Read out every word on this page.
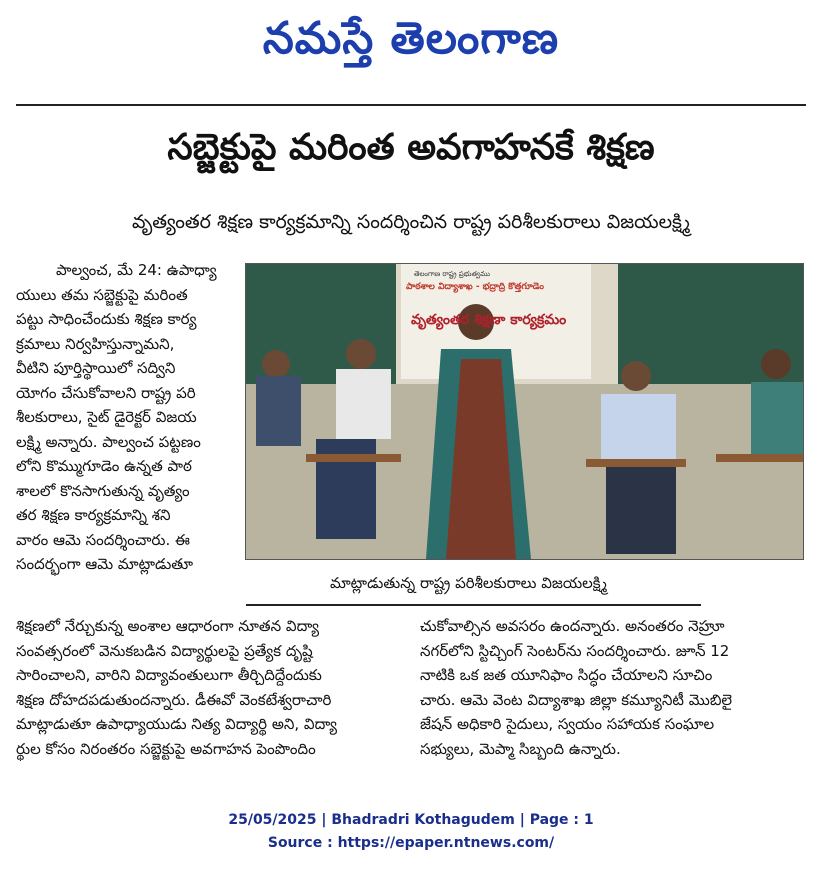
నమస్తే తెలంగాణ
సబ్జెక్టుపై మరింత అవగాహనకే శిక్షణ
వృత్యంతర శిక్షణ కార్యక్రమాన్ని సందర్శించిన రాష్ట్ర పరిశీలకురాలు విజయలక్ష్మి
పాల్వంచ, మే 24: ఉపాధ్యా
యులు తమ సబ్జెక్టుపై మరింత
పట్టు సాధించేందుకు శిక్షణ కార్య
క్రమాలు నిర్వహిస్తున్నామని,
వీటిని పూర్తిస్థాయిలో సద్విని
యోగం చేసుకోవాలని రాష్ట్ర పరి
శీలకురాలు, సైట్ డైరెక్టర్ విజయ
లక్ష్మి అన్నారు. పాల్వంచ పట్టణం
లోని కొమ్ముగూడెం ఉన్నత పాఠ
శాలలో కొనసాగుతున్న వృత్యం
తర శిక్షణ కార్యక్రమాన్ని శని
వారం ఆమె సందర్శించారు. ఈ
సందర్భంగా ఆమె మాట్లాడుతూ
తెలంగాణ రాష్ట్ర ప్రభుత్వము
పాఠశాల విద్యాశాఖ - భద్రాద్రి కొత్తగూడెం
వృత్యంతర శిక్షణా కార్యక్రమం
మాట్లాడుతున్న రాష్ట్ర పరిశీలకురాలు విజయలక్ష్మి
శిక్షణలో నేర్చుకున్న అంశాల ఆధారంగా నూతన విద్యా
సంవత్సరంలో వెనుకబడిన విద్యార్థులపై ప్రత్యేక దృష్టి
సారించాలని, వారిని విద్యావంతులుగా తీర్చిదిద్దేందుకు
శిక్షణ దోహదపడుతుందన్నారు. డీఈవో వెంకటేశ్వరాచారి
మాట్లాడుతూ ఉపాధ్యాయుడు నిత్య విద్యార్థి అని, విద్యా
ర్థుల కోసం నిరంతరం సబ్జెక్టుపై అవగాహన పెంపొందిం
చుకోవాల్సిన అవసరం ఉందన్నారు. అనంతరం నెహ్రూ
నగర్‌లోని స్టిచ్చింగ్ సెంటర్‌ను సందర్శించారు. జూన్ 12
నాటికి ఒక జత యూనిఫాం సిద్ధం చేయాలని సూచిం
చారు. ఆమె వెంట విద్యాశాఖ జిల్లా కమ్యూనిటీ మొబిలై
జేషన్ అధికారి సైదులు, స్వయం సహాయక సంఘాల
సభ్యులు, మెప్మా సిబ్బంది ఉన్నారు.
25/05/2025 | Bhadradri Kothagudem | Page : 1
Source : https://epaper.ntnews.com/
